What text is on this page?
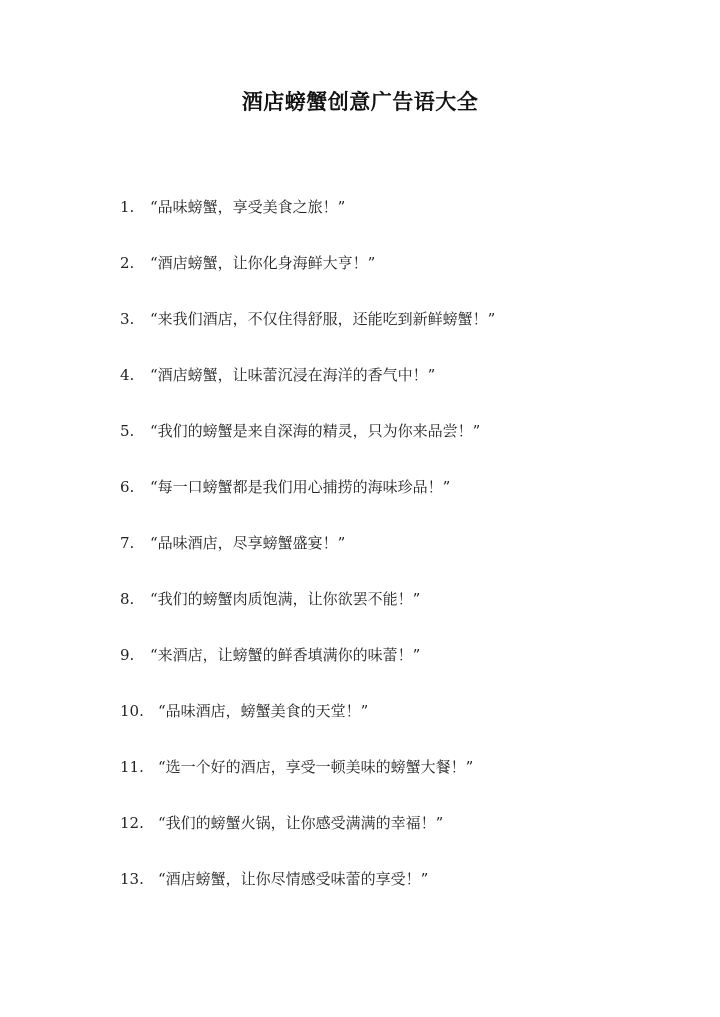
酒店螃蟹创意广告语大全
1.	“品味螃蟹，享受美食之旅！”
2.	“酒店螃蟹，让你化身海鲜大亨！”
3.	“来我们酒店，不仅住得舒服，还能吃到新鲜螃蟹！”
4.	“酒店螃蟹，让味蕾沉浸在海洋的香气中！”
5.	“我们的螃蟹是来自深海的精灵，只为你来品尝！”
6.	“每一口螃蟹都是我们用心捕捞的海味珍品！”
7.	“品味酒店，尽享螃蟹盛宴！”
8.	“我们的螃蟹肉质饱满，让你欲罢不能！”
9.	“来酒店，让螃蟹的鲜香填满你的味蕾！”
10. “品味酒店，螃蟹美食的天堂！”
11. “选一个好的酒店，享受一顿美味的螃蟹大餐！”
12. “我们的螃蟹火锅，让你感受满满的幸福！”
13. “酒店螃蟹，让你尽情感受味蕾的享受！”
